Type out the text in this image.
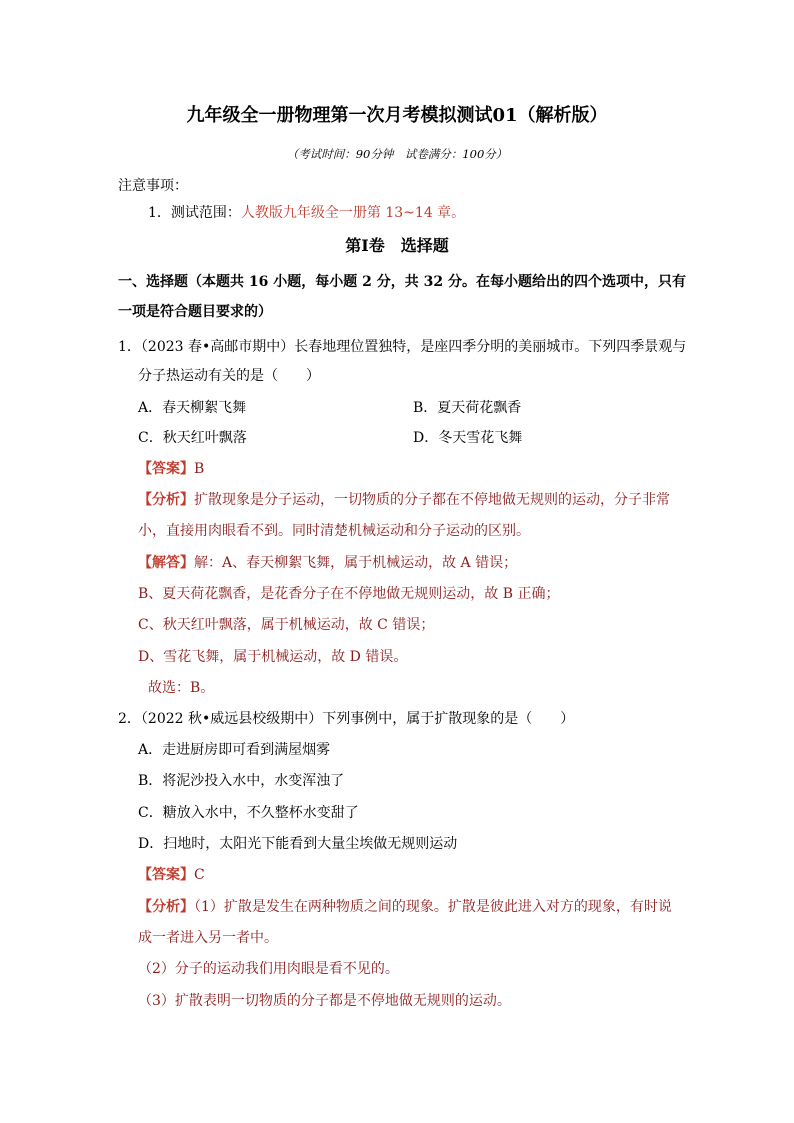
九年级全一册物理第一次月考模拟测试01（解析版）
（考试时间：90分钟　试卷满分：100分）
注意事项：
1．测试范围：人教版九年级全一册第 13~14 章。
第Ⅰ卷　选择题
一、选择题（本题共 16 小题，每小题 2 分，共 32 分。在每小题给出的四个选项中，只有
一项是符合题目要求的）
1．（2023 春•高邮市期中）长春地理位置独特，是座四季分明的美丽城市。下列四季景观与
分子热运动有关的是（　　）
A．春天柳絮飞舞	B．夏天荷花飘香
C．秋天红叶飘落	D．冬天雪花飞舞
【答案】B
【分析】扩散现象是分子运动，一切物质的分子都在不停地做无规则的运动，分子非常
小，直接用肉眼看不到。同时清楚机械运动和分子运动的区别。
【解答】解：A、春天柳絮飞舞，属于机械运动，故 A 错误；
B、夏天荷花飘香，是花香分子在不停地做无规则运动，故 B 正确；
C、秋天红叶飘落，属于机械运动，故 C 错误；
D、雪花飞舞，属于机械运动，故 D 错误。
故选：B。
2．（2022 秋•威远县校级期中）下列事例中，属于扩散现象的是（　　）
A．走进厨房即可看到满屋烟雾
B．将泥沙投入水中，水变浑浊了
C．糖放入水中，不久整杯水变甜了
D．扫地时，太阳光下能看到大量尘埃做无规则运动
【答案】C
【分析】（1）扩散是发生在两种物质之间的现象。扩散是彼此进入对方的现象，有时说
成一者进入另一者中。
（2）分子的运动我们用肉眼是看不见的。
（3）扩散表明一切物质的分子都是不停地做无规则的运动。
